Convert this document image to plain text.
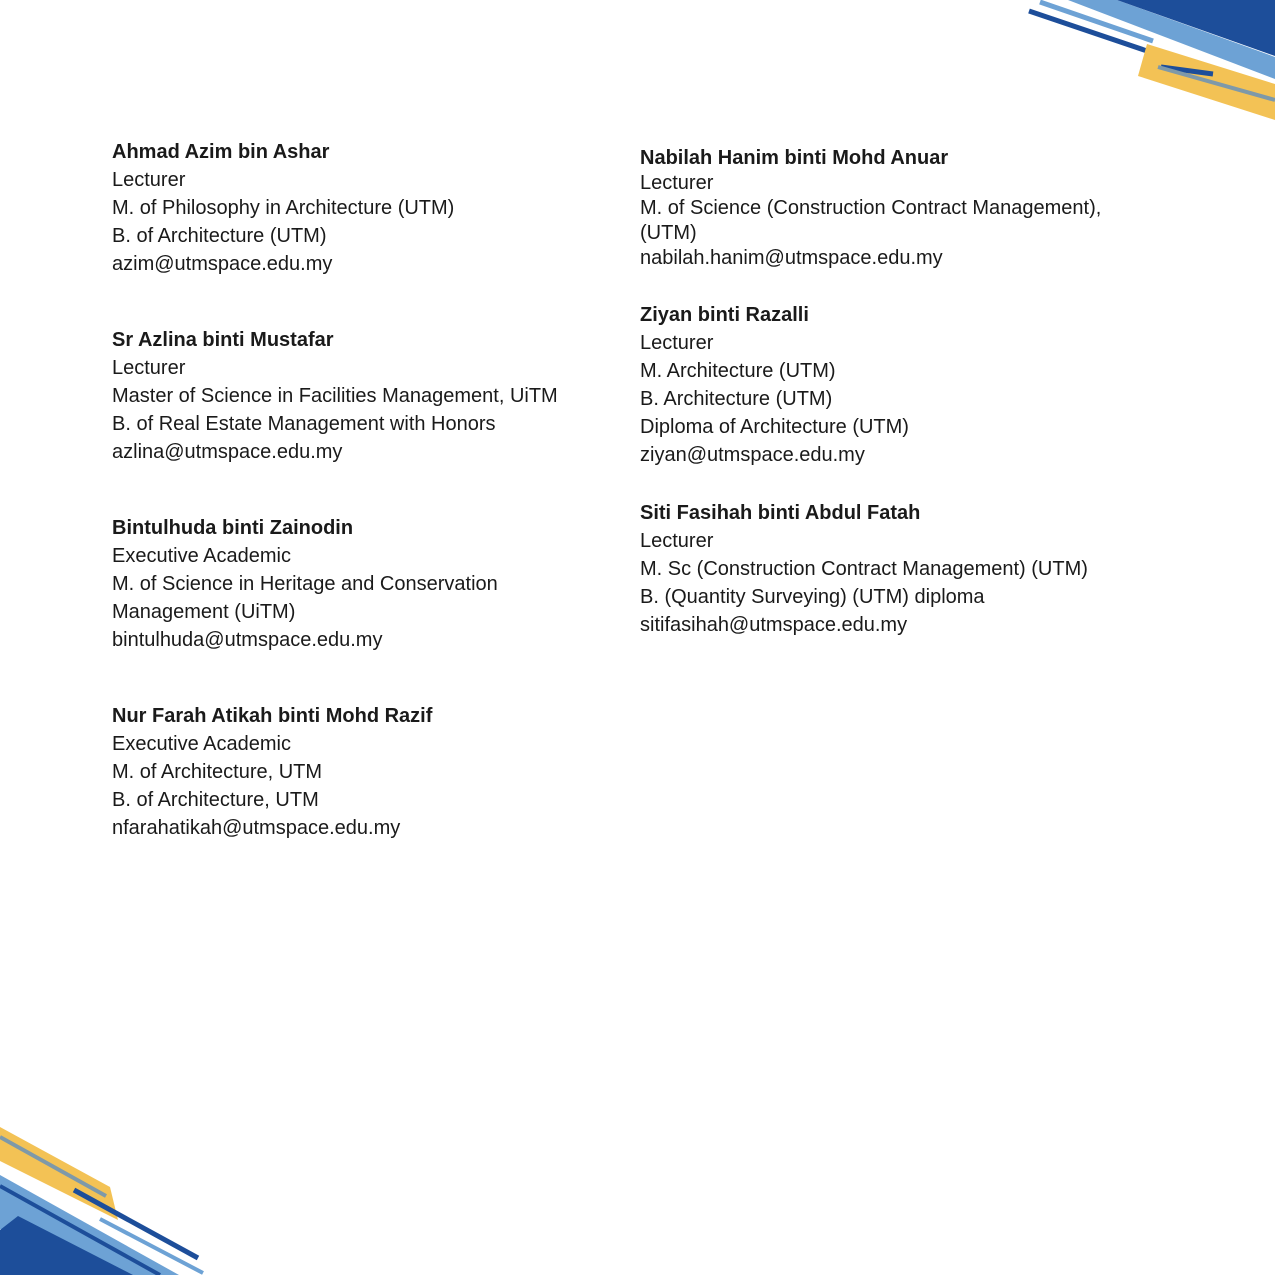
Ahmad Azim bin Ashar
Lecturer
M. of Philosophy in Architecture (UTM)
B. of Architecture (UTM)
azim@utmspace.edu.my
Sr Azlina binti Mustafar
Lecturer
Master of Science in Facilities Management, UiTM
B. of Real Estate Management with Honors
azlina@utmspace.edu.my
Bintulhuda binti Zainodin
Executive Academic
M. of Science in Heritage and Conservation Management (UiTM)
bintulhuda@utmspace.edu.my
Nur Farah Atikah binti Mohd Razif
Executive Academic
M. of Architecture, UTM
B. of Architecture, UTM
nfarahatikah@utmspace.edu.my
Nabilah Hanim binti Mohd Anuar
Lecturer
M. of Science (Construction Contract Management), (UTM)
nabilah.hanim@utmspace.edu.my
Ziyan binti Razalli
Lecturer
M. Architecture (UTM)
B. Architecture (UTM)
Diploma of Architecture (UTM)
ziyan@utmspace.edu.my
Siti Fasihah binti Abdul Fatah
Lecturer
M. Sc (Construction Contract Management) (UTM)
B. (Quantity Surveying) (UTM) diploma
sitifasihah@utmspace.edu.my
